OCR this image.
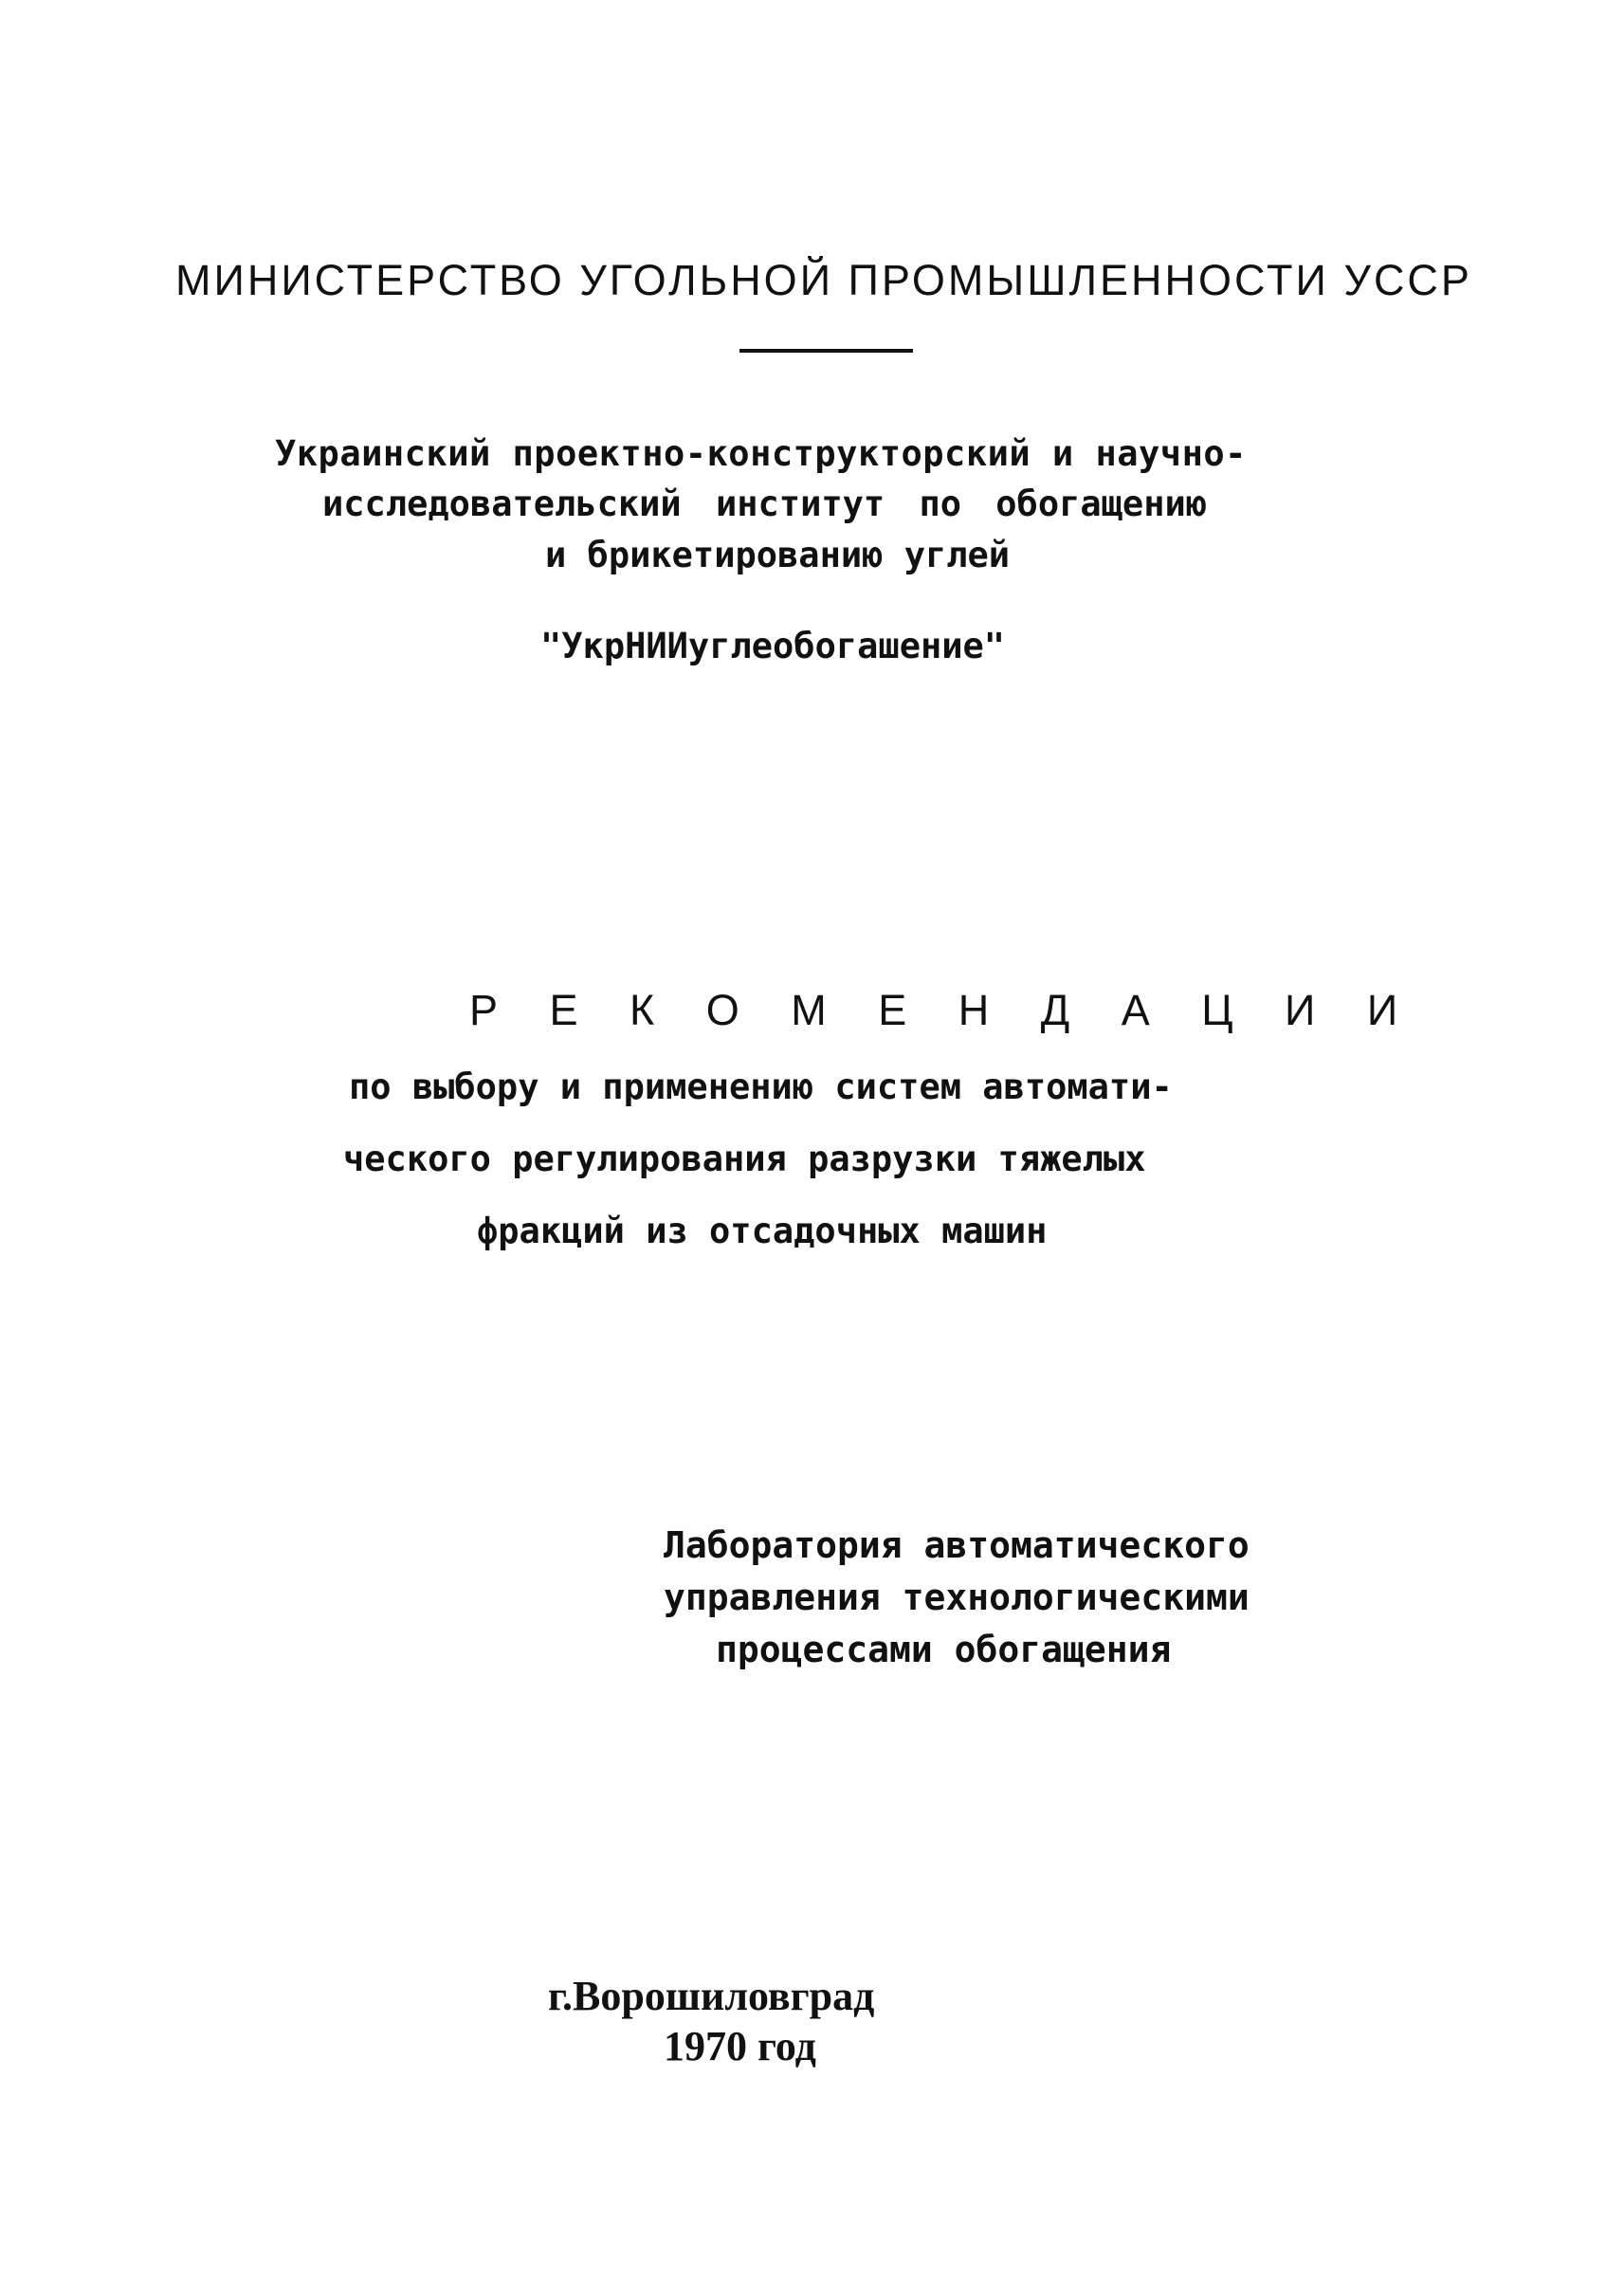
МИНИСТЕРСТВО УГОЛЬНОЙ ПРОМЫШЛЕННОСТИ УССР
Украинский проектно-конструкторский и научно-
исследовательский институт по обогащению
и брикетированию углей
"УкрНИИуглеобогашение"
Р Е К О М Е Н Д А Ц И И
по выбору и применению систем автомати-
ческого регулирования разрузки тяжелых
фракций из отсадочных машин
Лаборатория автоматического
управления технологическими
процессами обогащения
г.Ворошиловград
1970 год
